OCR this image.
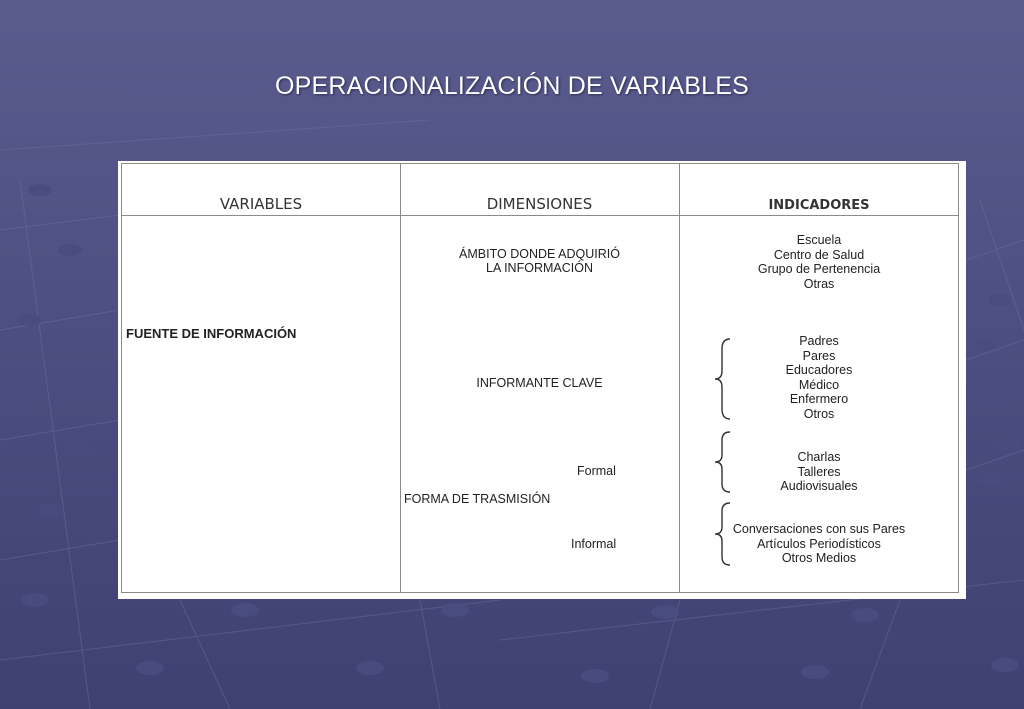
OPERACIONALIZACIÓN DE VARIABLES
VARIABLES	DIMENSIONES	INDICADORES
FUENTE DE INFORMACIÓN
ÁMBITO DONDE ADQUIRIÓ
LA INFORMACIÓN
INFORMANTE CLAVE
Formal
FORMA DE TRASMISIÓN
Informal
Escuela
Centro de Salud
Grupo de Pertenencia
Otras
Padres
Pares
Educadores
Médico
Enfermero
Otros
Charlas
Talleres
Audiovisuales
Conversaciones con sus Pares
Artículos Periodísticos
Otros Medios
